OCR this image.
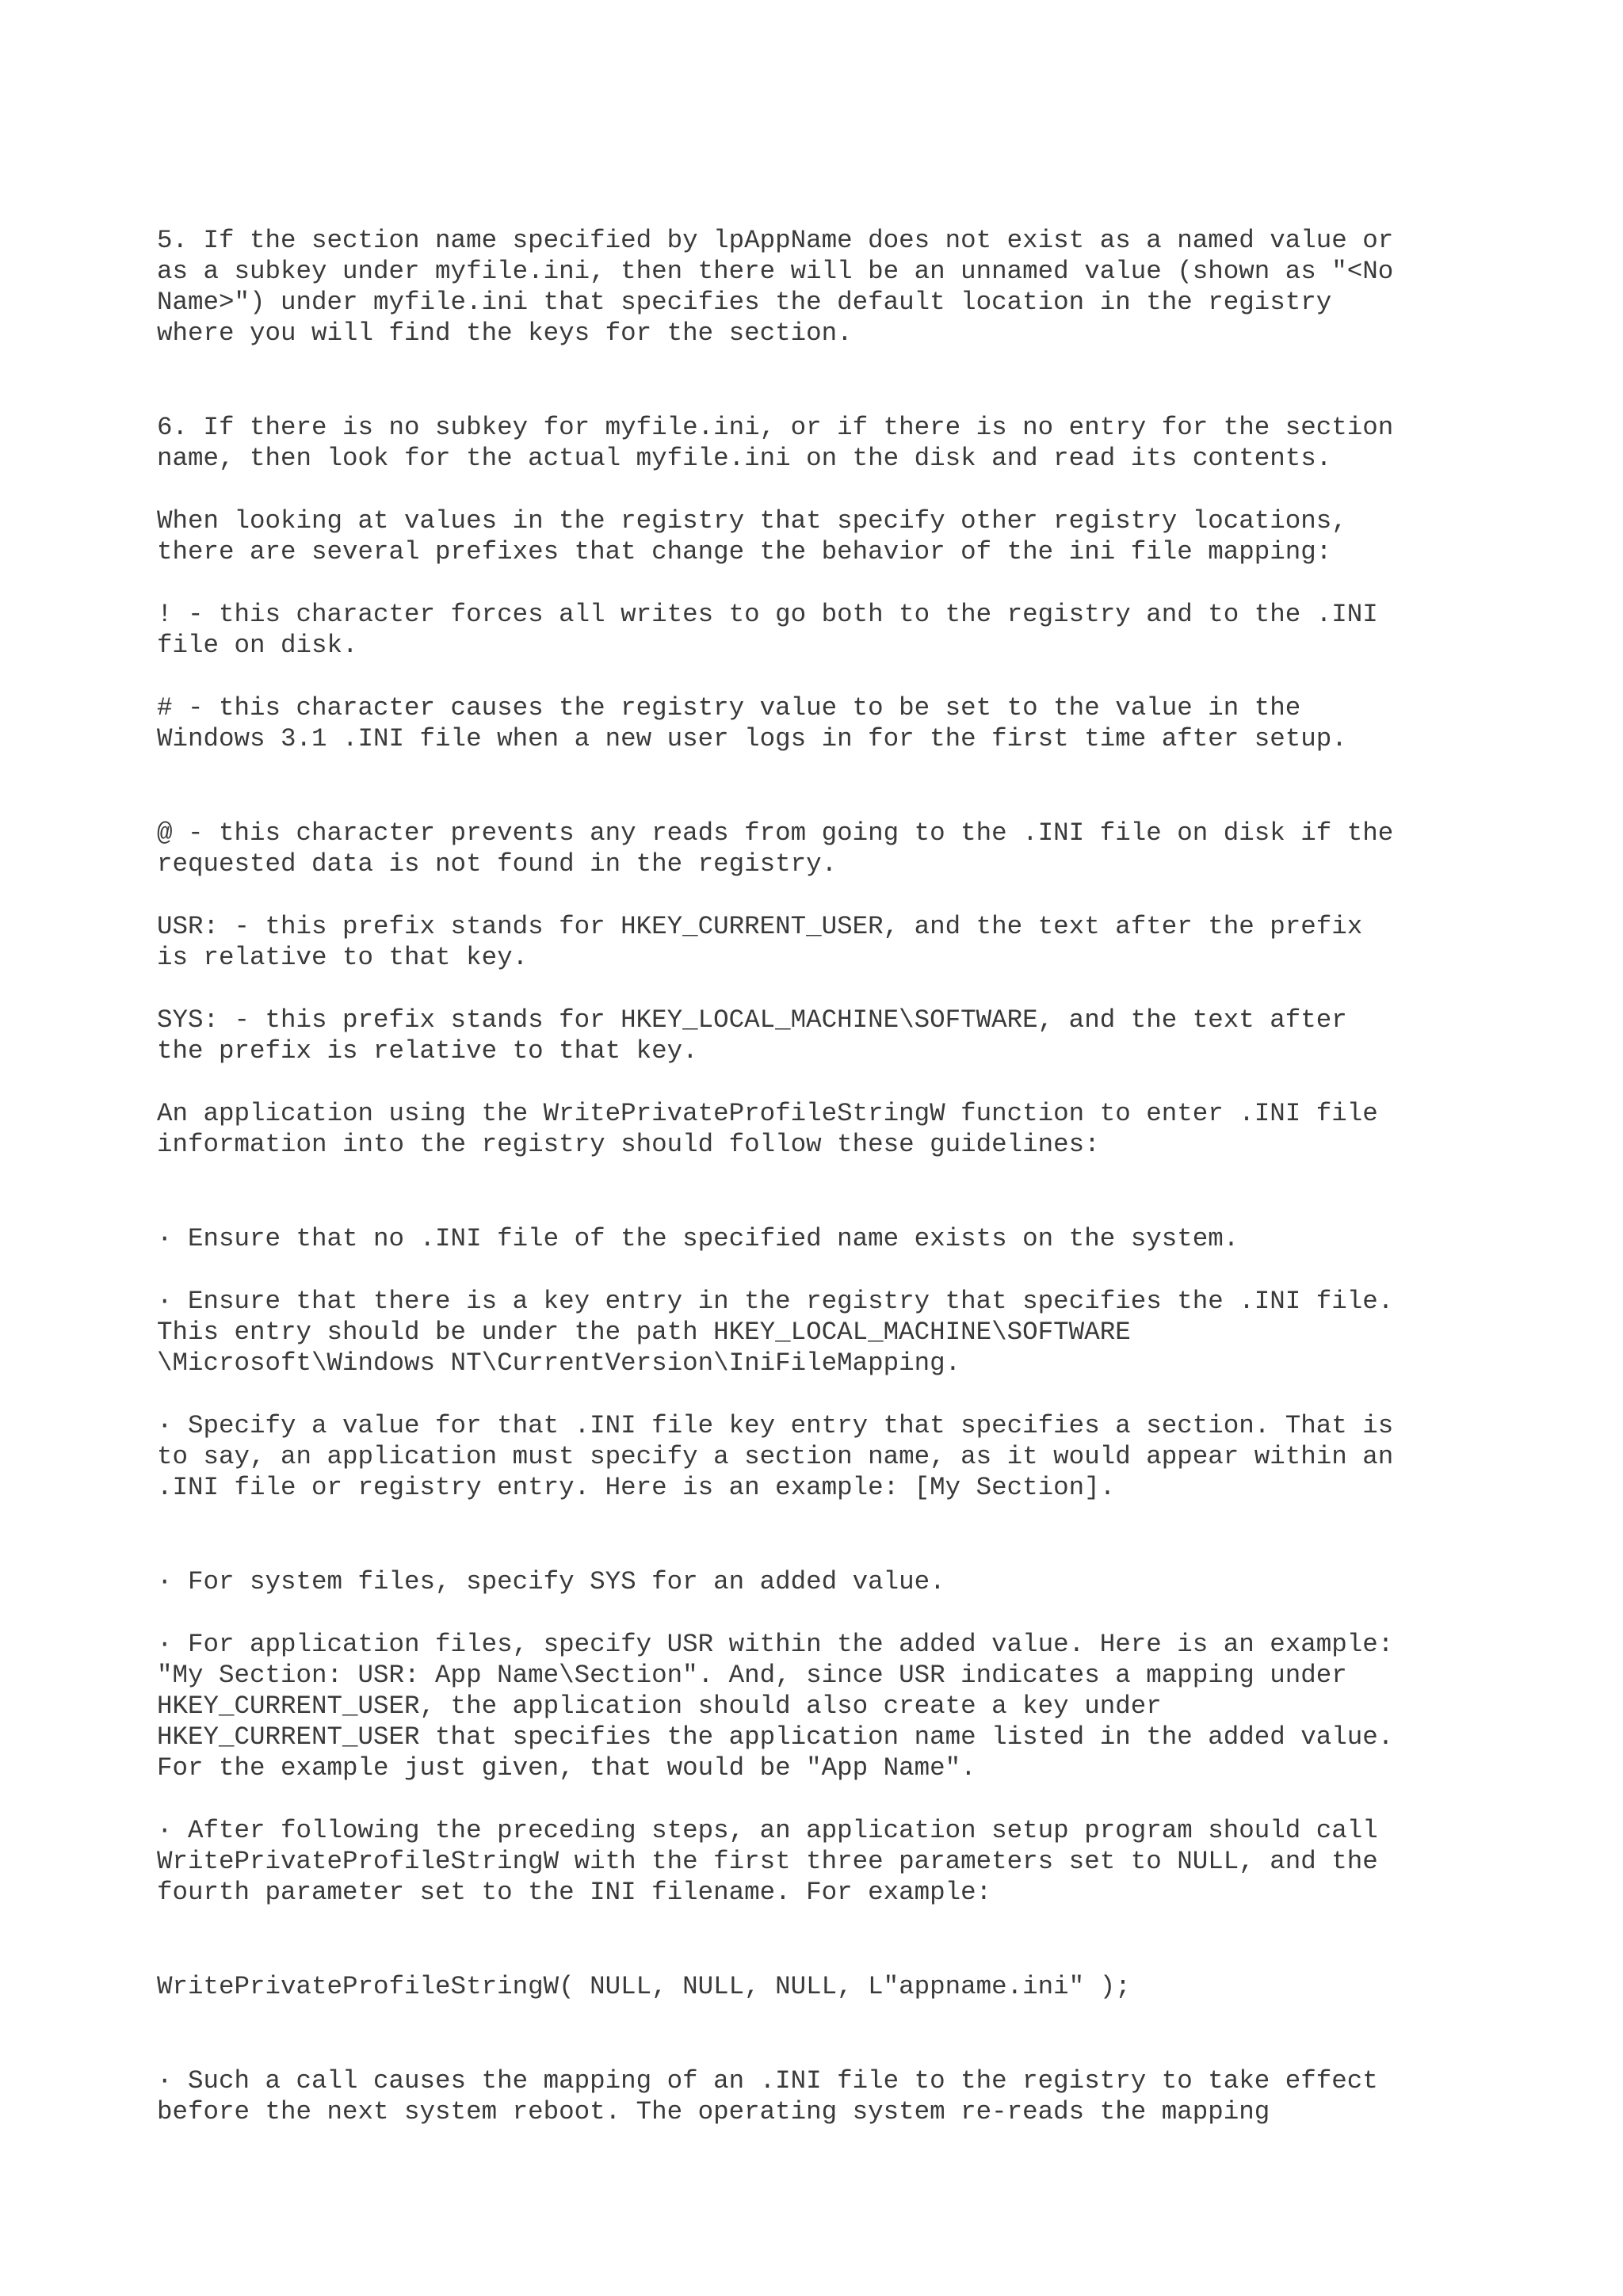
5. If the section name specified by lpAppName does not exist as a named value or

as a subkey under myfile.ini, then there will be an unnamed value (shown as "<No

Name>") under myfile.ini that specifies the default location in the registry

where you will find the keys for the section.

6. If there is no subkey for myfile.ini, or if there is no entry for the section

name, then look for the actual myfile.ini on the disk and read its contents.

When looking at values in the registry that specify other registry locations,

there are several prefixes that change the behavior of the ini file mapping:

! - this character forces all writes to go both to the registry and to the .INI

file on disk.

# - this character causes the registry value to be set to the value in the

Windows 3.1 .INI file when a new user logs in for the first time after setup.

@ - this character prevents any reads from going to the .INI file on disk if the

requested data is not found in the registry.

USR: - this prefix stands for HKEY_CURRENT_USER, and the text after the prefix

is relative to that key.

SYS: - this prefix stands for HKEY_LOCAL_MACHINE\SOFTWARE, and the text after

the prefix is relative to that key.

An application using the WritePrivateProfileStringW function to enter .INI file

information into the registry should follow these guidelines:

· Ensure that no .INI file of the specified name exists on the system.

· Ensure that there is a key entry in the registry that specifies the .INI file.

This entry should be under the path HKEY_LOCAL_MACHINE\SOFTWARE

\Microsoft\Windows NT\CurrentVersion\IniFileMapping.

· Specify a value for that .INI file key entry that specifies a section. That is

to say, an application must specify a section name, as it would appear within an

.INI file or registry entry. Here is an example: [My Section].

· For system files, specify SYS for an added value.

· For application files, specify USR within the added value. Here is an example:

"My Section: USR: App Name\Section". And, since USR indicates a mapping under

HKEY_CURRENT_USER, the application should also create a key under

HKEY_CURRENT_USER that specifies the application name listed in the added value.

For the example just given, that would be "App Name".

· After following the preceding steps, an application setup program should call

WritePrivateProfileStringW with the first three parameters set to NULL, and the

fourth parameter set to the INI filename. For example:

WritePrivateProfileStringW( NULL, NULL, NULL, L"appname.ini" );

· Such a call causes the mapping of an .INI file to the registry to take effect

before the next system reboot. The operating system re-reads the mapping
